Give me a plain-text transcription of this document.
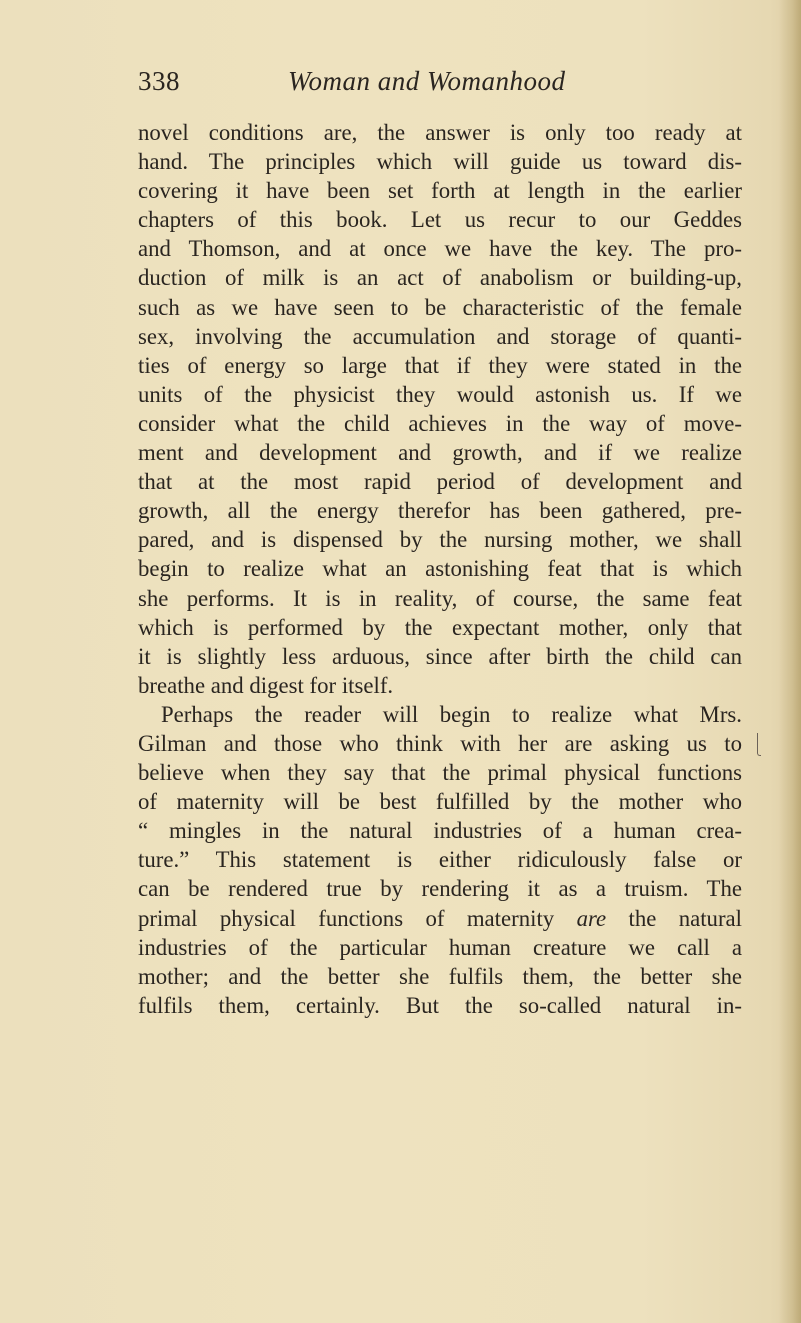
338	Woman and Womanhood
novel conditions are, the answer is only too ready at
hand. The principles which will guide us toward dis-
covering it have been set forth at length in the earlier
chapters of this book. Let us recur to our Geddes
and Thomson, and at once we have the key. The pro-
duction of milk is an act of anabolism or building-up,
such as we have seen to be characteristic of the female
sex, involving the accumulation and storage of quanti-
ties of energy so large that if they were stated in the
units of the physicist they would astonish us. If we
consider what the child achieves in the way of move-
ment and development and growth, and if we realize
that at the most rapid period of development and
growth, all the energy therefor has been gathered, pre-
pared, and is dispensed by the nursing mother, we shall
begin to realize what an astonishing feat that is which
she performs. It is in reality, of course, the same feat
which is performed by the expectant mother, only that
it is slightly less arduous, since after birth the child can
breathe and digest for itself.
Perhaps the reader will begin to realize what Mrs.
Gilman and those who think with her are asking us to
believe when they say that the primal physical functions
of maternity will be best fulfilled by the mother who
“ mingles in the natural industries of a human crea-
ture.” This statement is either ridiculously false or
can be rendered true by rendering it as a truism. The
primal physical functions of maternity are the natural
industries of the particular human creature we call a
mother; and the better she fulfils them, the better she
fulfils them, certainly. But the so-called natural in-
